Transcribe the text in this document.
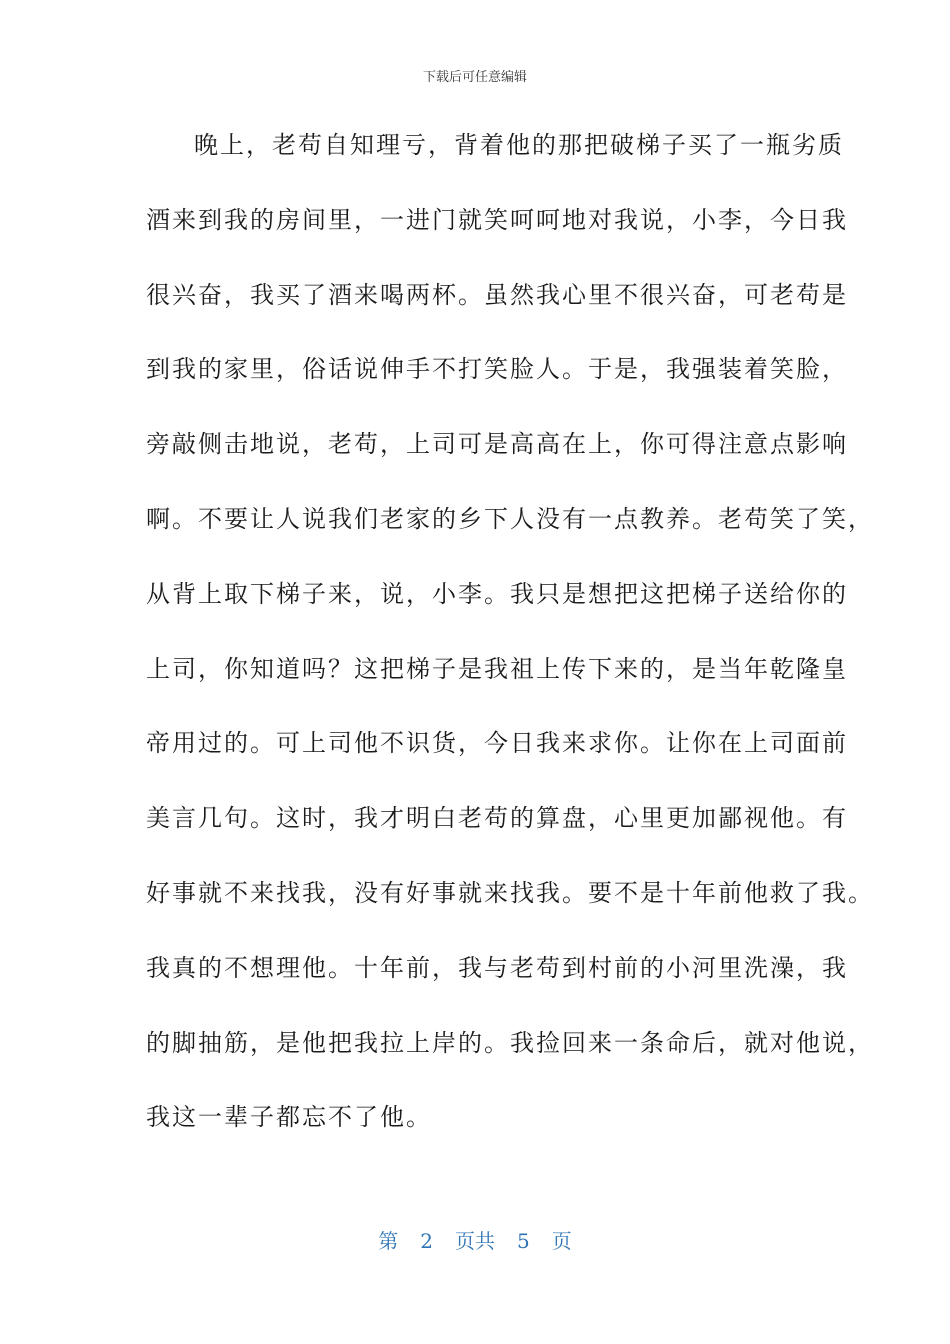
下载后可任意编辑
晚上，老苟自知理亏，背着他的那把破梯子买了一瓶劣质
酒来到我的房间里，一进门就笑呵呵地对我说，小李，今日我
很兴奋，我买了酒来喝两杯。虽然我心里不很兴奋，可老苟是
到我的家里，俗话说伸手不打笑脸人。于是，我强装着笑脸，
旁敲侧击地说，老苟，上司可是高高在上，你可得注意点影响
啊。不要让人说我们老家的乡下人没有一点教养。老苟笑了笑，
从背上取下梯子来，说，小李。我只是想把这把梯子送给你的
上司，你知道吗？这把梯子是我祖上传下来的，是当年乾隆皇
帝用过的。可上司他不识货，今日我来求你。让你在上司面前
美言几句。这时，我才明白老苟的算盘，心里更加鄙视他。有
好事就不来找我，没有好事就来找我。要不是十年前他救了我。
我真的不想理他。十年前，我与老苟到村前的小河里洗澡，我
的脚抽筋，是他把我拉上岸的。我捡回来一条命后，就对他说，
我这一辈子都忘不了他。
第 2 页共 5 页
